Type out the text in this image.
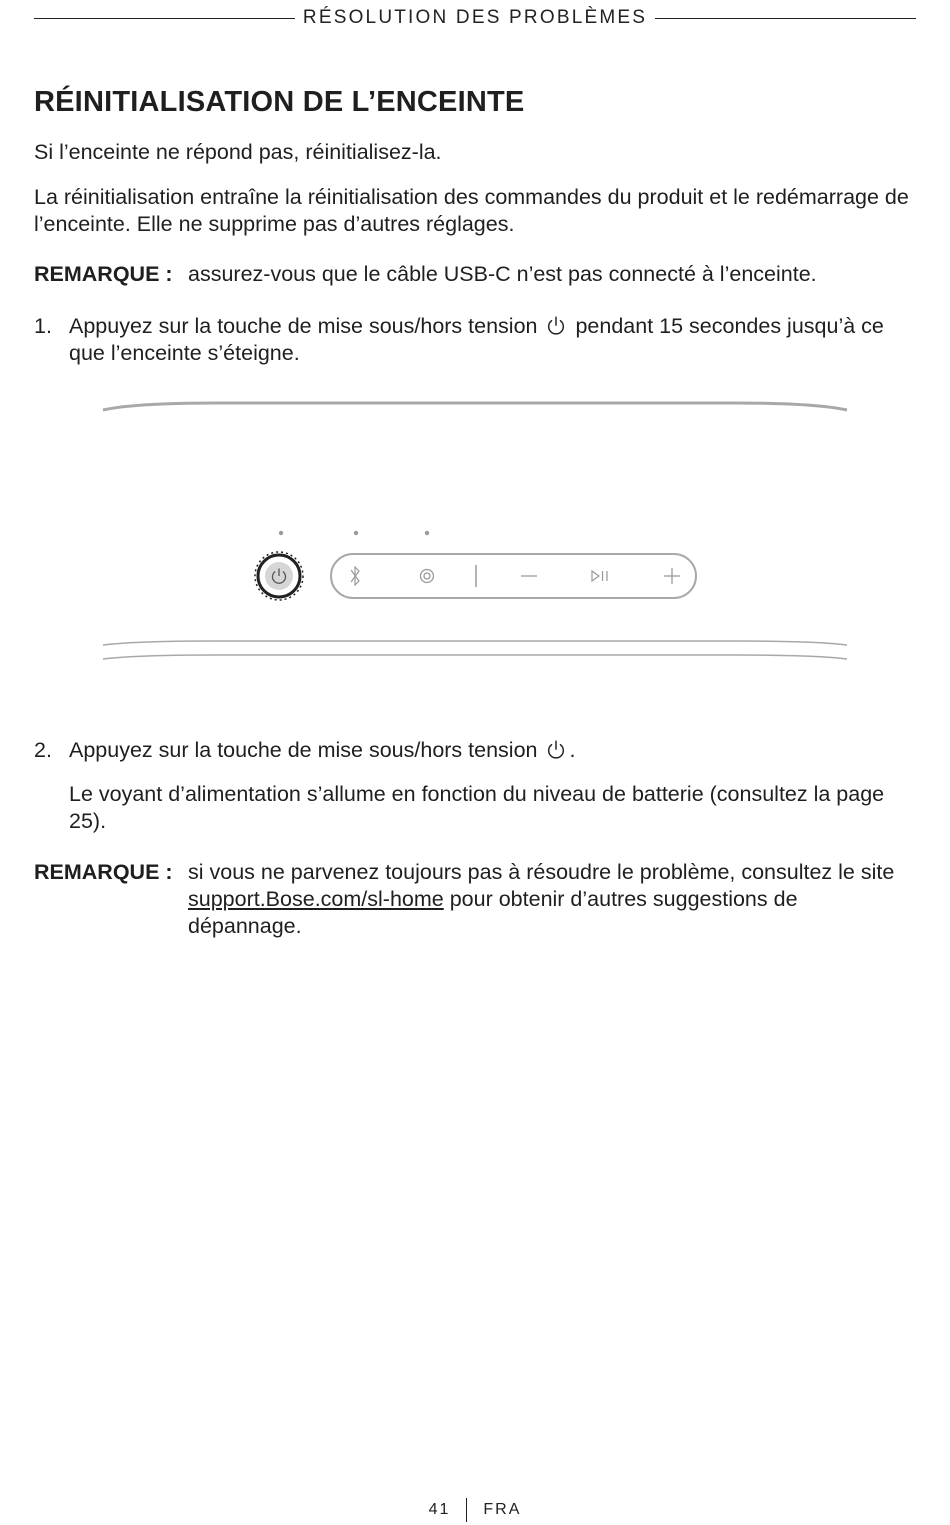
RÉSOLUTION DES PROBLÈMES
RÉINITIALISATION DE L’ENCEINTE

Si l’enceinte ne répond pas, réinitialisez-la.

La réinitialisation entraîne la réinitialisation des commandes du produit et le redémarrage de l’enceinte. Elle ne supprime pas d’autres réglages.

REMARQUE : assurez-vous que le câble USB-C n’est pas connecté à l’enceinte.
1. Appuyez sur la touche de mise sous/hors tension pendant 15 secondes jusqu’à ce que l’enceinte s’éteigne.
2. Appuyez sur la touche de mise sous/hors tension .

Le voyant d’alimentation s’allume en fonction du niveau de batterie (consultez la page 25).

REMARQUE : si vous ne parvenez toujours pas à résoudre le problème, consultez le site support.Bose.com/sl-home pour obtenir d’autres suggestions de dépannage.
41 FRA
